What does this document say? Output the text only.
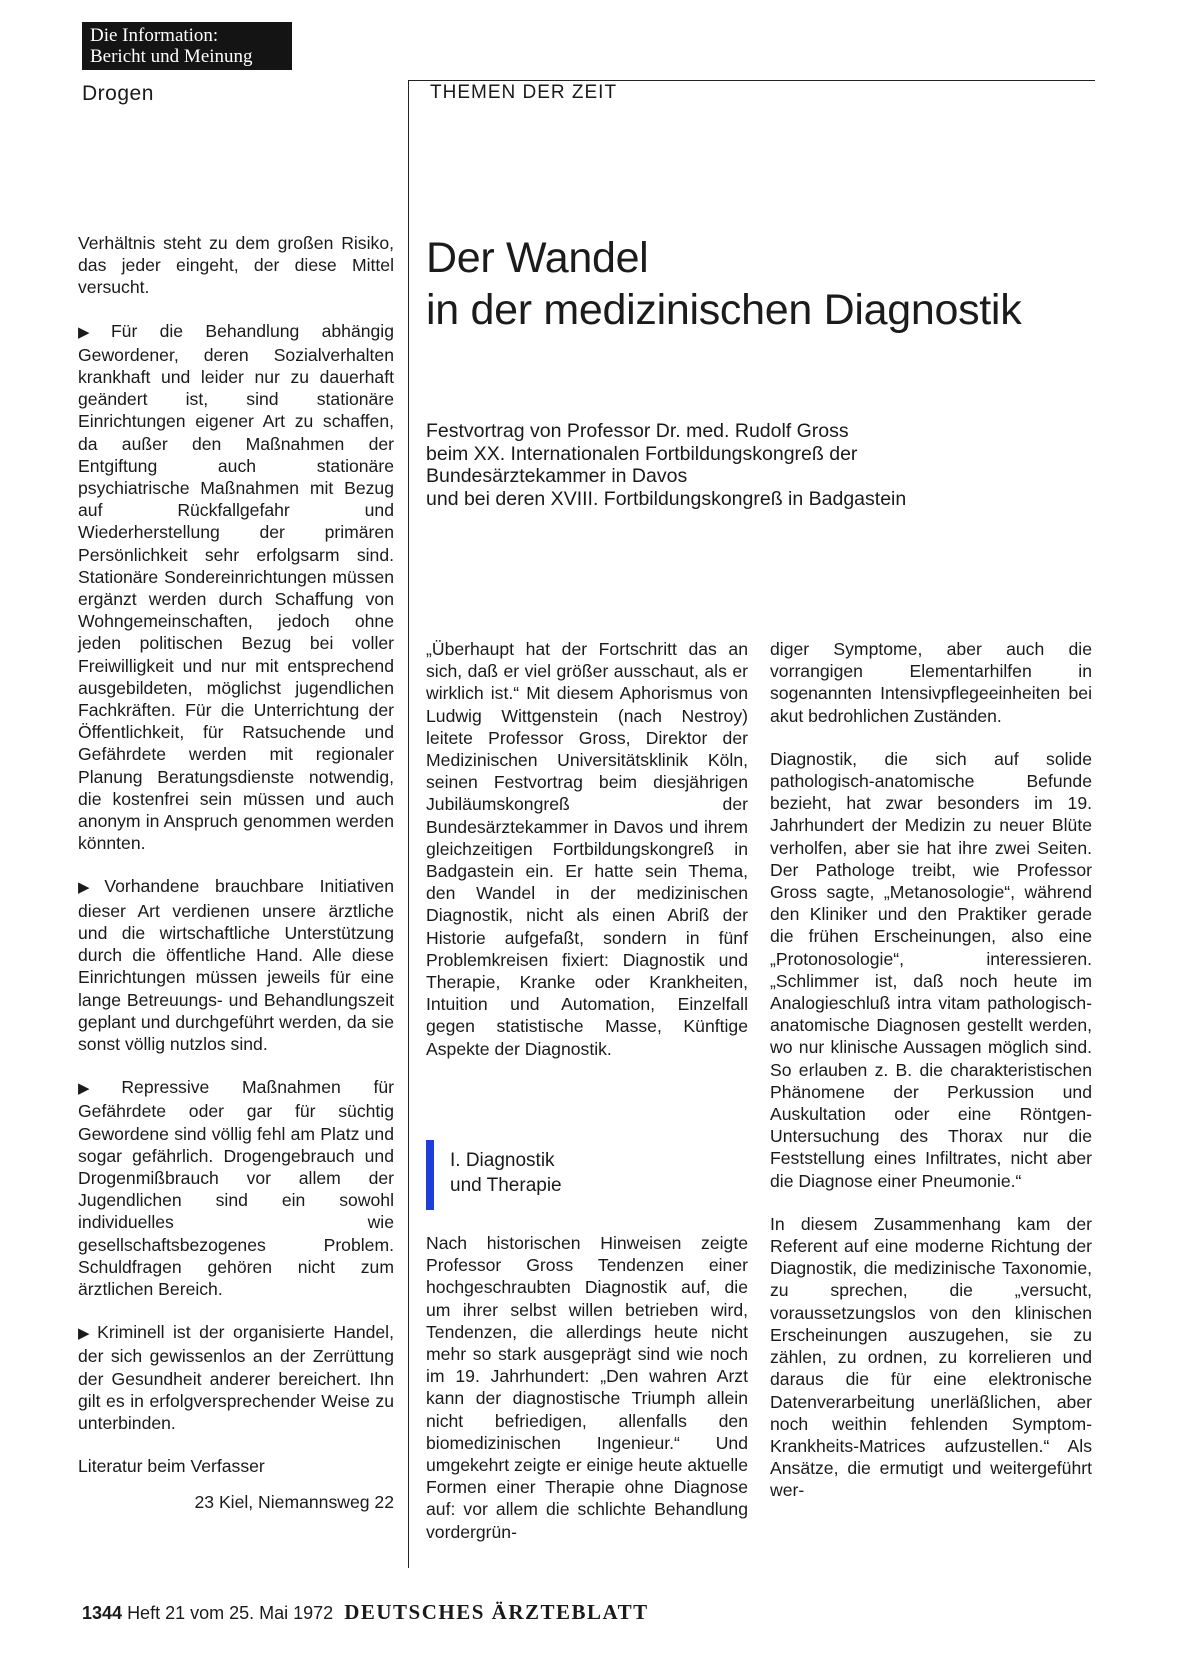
Die Information:
Bericht und Meinung
Drogen	THEMEN DER ZEIT

Verhältnis steht zu dem großen Risiko, das jeder eingeht, der diese Mittel versucht.

▶ Für die Behandlung abhängig Gewordener, deren Sozialverhalten krankhaft und leider nur zu dauerhaft geändert ist, sind stationäre Einrichtungen eigener Art zu schaffen, da außer den Maßnahmen der Entgiftung auch stationäre psychiatrische Maßnahmen mit Bezug auf Rückfallgefahr und Wiederherstellung der primären Persönlichkeit sehr erfolgsarm sind. Stationäre Sondereinrichtungen müssen ergänzt werden durch Schaffung von Wohngemeinschaften, jedoch ohne jeden politischen Bezug bei voller Freiwilligkeit und nur mit entsprechend ausgebildeten, möglichst jugendlichen Fachkräften. Für die Unterrichtung der Öffentlichkeit, für Ratsuchende und Gefährdete werden mit regionaler Planung Beratungsdienste notwendig, die kostenfrei sein müssen und auch anonym in Anspruch genommen werden könnten.

▶ Vorhandene brauchbare Initiativen dieser Art verdienen unsere ärztliche und die wirtschaftliche Unterstützung durch die öffentliche Hand. Alle diese Einrichtungen müssen jeweils für eine lange Betreuungs- und Behandlungszeit geplant und durchgeführt werden, da sie sonst völlig nutzlos sind.

▶ Repressive Maßnahmen für Gefährdete oder gar für süchtig Gewordene sind völlig fehl am Platz und sogar gefährlich. Drogengebrauch und Drogenmißbrauch vor allem der Jugendlichen sind ein sowohl individuelles wie gesellschaftsbezogenes Problem. Schuldfragen gehören nicht zum ärztlichen Bereich.

▶ Kriminell ist der organisierte Handel, der sich gewissenlos an der Zerrüttung der Gesundheit anderer bereichert. Ihn gilt es in erfolgversprechender Weise zu unterbinden.

Literatur beim Verfasser
23 Kiel, Niemannsweg 22
Der Wandel
in der medizinischen Diagnostik
Festvortrag von Professor Dr. med. Rudolf Gross
beim XX. Internationalen Fortbildungskongreß der
Bundesärztekammer in Davos
und bei deren XVIII. Fortbildungskongreß in Badgastein

„Überhaupt hat der Fortschritt das an sich, daß er viel größer ausschaut, als er wirklich ist.“ Mit diesem Aphorismus von Ludwig Wittgenstein (nach Nestroy) leitete Professor Gross, Direktor der Medizinischen Universitätsklinik Köln, seinen Festvortrag beim diesjährigen Jubiläumskongreß der Bundesärztekammer in Davos und ihrem gleichzeitigen Fortbildungskongreß in Badgastein ein. Er hatte sein Thema, den Wandel in der medizinischen Diagnostik, nicht als einen Abriß der Historie aufgefaßt, sondern in fünf Problemkreisen fixiert: Diagnostik und Therapie, Kranke oder Krankheiten, Intuition und Automation, Einzelfall gegen statistische Masse, Künftige Aspekte der Diagnostik.

I. Diagnostik
und Therapie

Nach historischen Hinweisen zeigte Professor Gross Tendenzen einer hochgeschraubten Diagnostik auf, die um ihrer selbst willen betrieben wird, Tendenzen, die allerdings heute nicht mehr so stark ausgeprägt sind wie noch im 19. Jahrhundert: „Den wahren Arzt kann der diagnostische Triumph allein nicht befriedigen, allenfalls den biomedizinischen Ingenieur.“ Und umgekehrt zeigte er einige heute aktuelle Formen einer Therapie ohne Diagnose auf: vor allem die schlichte Behandlung vordergrün-

diger Symptome, aber auch die vorrangigen Elementarhilfen in sogenannten Intensivpflegeeinheiten bei akut bedrohlichen Zuständen.

Diagnostik, die sich auf solide pathologisch-anatomische Befunde bezieht, hat zwar besonders im 19. Jahrhundert der Medizin zu neuer Blüte verholfen, aber sie hat ihre zwei Seiten. Der Pathologe treibt, wie Professor Gross sagte, „Metanosologie“, während den Kliniker und den Praktiker gerade die frühen Erscheinungen, also eine „Protonosologie“, interessieren. „Schlimmer ist, daß noch heute im Analogieschluß intra vitam pathologisch-anatomische Diagnosen gestellt werden, wo nur klinische Aussagen möglich sind. So erlauben z. B. die charakteristischen Phänomene der Perkussion und Auskultation oder eine Röntgen-Untersuchung des Thorax nur die Feststellung eines Infiltrates, nicht aber die Diagnose einer Pneumonie.“

In diesem Zusammenhang kam der Referent auf eine moderne Richtung der Diagnostik, die medizinische Taxonomie, zu sprechen, die „versucht, voraussetzungslos von den klinischen Erscheinungen auszugehen, sie zu zählen, zu ordnen, zu korrelieren und daraus die für eine elektronische Datenverarbeitung unerläßlichen, aber noch weithin fehlenden Symptom-Krankheits-Matrices aufzustellen.“ Als Ansätze, die ermutigt und weitergeführt wer-

1344 Heft 21 vom 25. Mai 1972 DEUTSCHES ÄRZTEBLATT
